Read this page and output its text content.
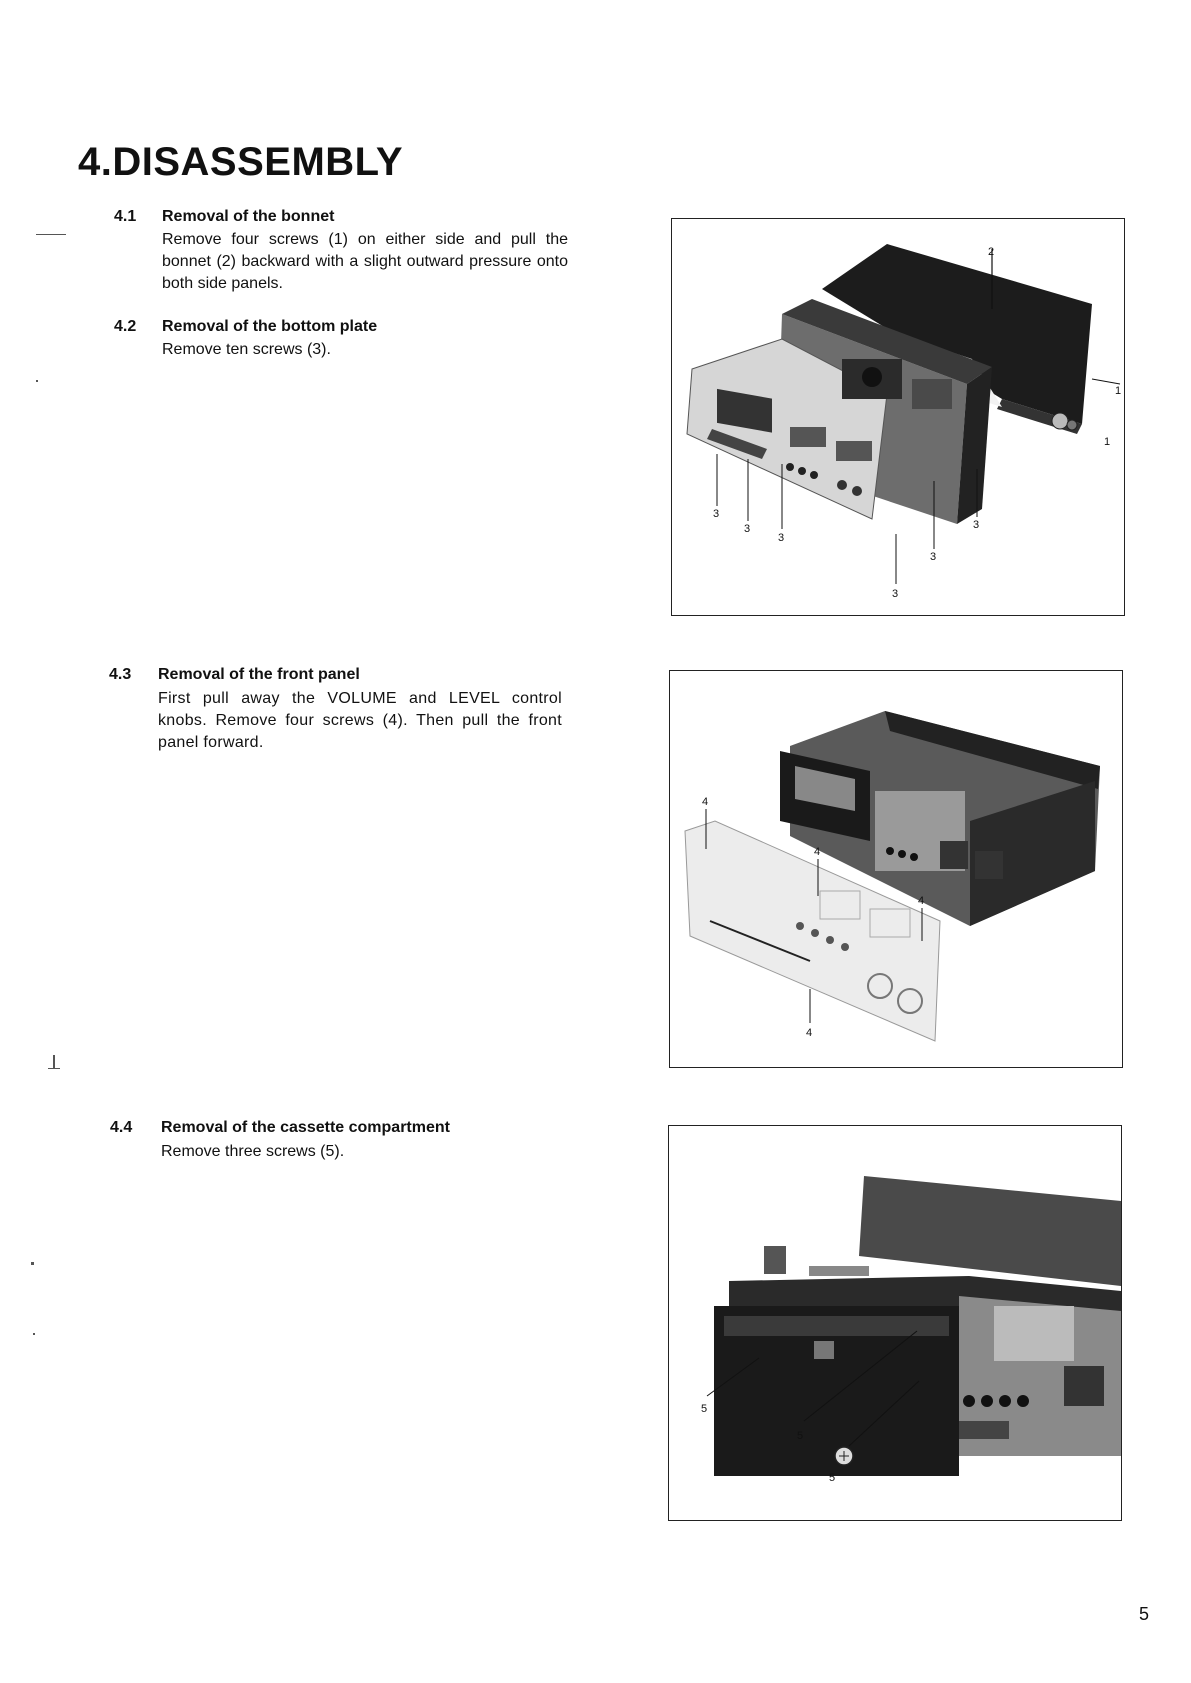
4.DISASSEMBLY
4.1 Removal of the bonnet

Remove four screws (1) on either side and pull the bonnet (2) backward with a slight outward pressure onto both side panels.

4.2 Removal of the bottom plate

Remove ten screws (3).

4.3 Removal of the front panel

First pull away the VOLUME and LEVEL control knobs. Remove four screws (4). Then pull the front panel forward.

4.4 Removal of the cassette compartment

Remove three screws (5).

2
1
1
3
3
3
3
3
3
4
4
4
4
5
5
5
5
